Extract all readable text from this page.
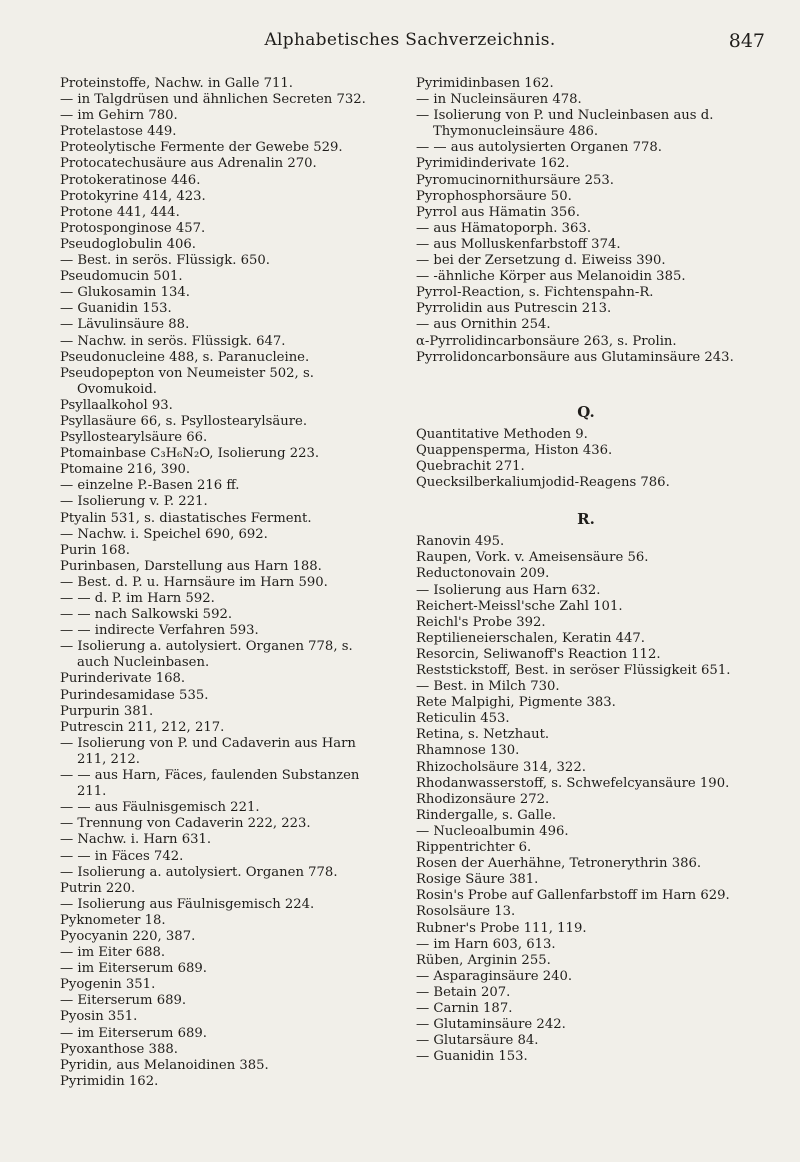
Alphabetisches Sachverzeichnis.	847
Proteinstoffe, Nachw. in Galle 711.
— in Talgdrüsen und ähnlichen Secreten 732.
— im Gehirn 780.
Protelastose 449.
Proteolytische Fermente der Gewebe 529.
Protocatechusäure aus Adrenalin 270.
Protokeratinose 446.
Protokyrine 414, 423.
Protone 441, 444.
Protosponginose 457.
Pseudoglobulin 406.
— Best. in serös. Flüssigk. 650.
Pseudomucin 501.
— Glukosamin 134.
— Guanidin 153.
— Lävulinsäure 88.
— Nachw. in serös. Flüssigk. 647.
Pseudonucleine 488, s. Paranucleine.
Pseudopepton von Neumeister 502, s. Ovomukoid.
Psyllaalkohol 93.
Psyllasäure 66, s. Psyllostearylsäure.
Psyllostearylsäure 66.
Ptomainbase C₃H₆N₂O, Isolierung 223.
Ptomaine 216, 390.
— einzelne P.-Basen 216 ff.
— Isolierung v. P. 221.
Ptyalin 531, s. diastatisches Ferment.
— Nachw. i. Speichel 690, 692.
Purin 168.
Purinbasen, Darstellung aus Harn 188.
— Best. d. P. u. Harnsäure im Harn 590.
— — d. P. im Harn 592.
— — nach Salkowski 592.
— — indirecte Verfahren 593.
— Isolierung a. autolysiert. Organen 778, s. auch Nucleinbasen.
Purinderivate 168.
Purindesamidase 535.
Purpurin 381.
Putrescin 211, 212, 217.
— Isolierung von P. und Cadaverin aus Harn 211, 212.
— — aus Harn, Fäces, faulenden Substanzen 211.
— — aus Fäulnisgemisch 221.
— Trennung von Cadaverin 222, 223.
— Nachw. i. Harn 631.
— — in Fäces 742.
— Isolierung a. autolysiert. Organen 778.
Putrin 220.
— Isolierung aus Fäulnisgemisch 224.
Pyknometer 18.
Pyocyanin 220, 387.
— im Eiter 688.
— im Eiterserum 689.
Pyogenin 351.
— Eiterserum 689.
Pyosin 351.
— im Eiterserum 689.
Pyoxanthose 388.
Pyridin, aus Melanoidinen 385.
Pyrimidin 162.
Pyrimidinbasen 162.
— in Nucleinsäuren 478.
— Isolierung von P. und Nucleinbasen aus d. Thymonucleinsäure 486.
— — aus autolysierten Organen 778.
Pyrimidinderivate 162.
Pyromucinornithursäure 253.
Pyrophosphorsäure 50.
Pyrrol aus Hämatin 356.
— aus Hämatoporph. 363.
— aus Molluskenfarbstoff 374.
— bei der Zersetzung d. Eiweiss 390.
— -ähnliche Körper aus Melanoidin 385.
Pyrrol-Reaction, s. Fichtenspahn-R.
Pyrrolidin aus Putrescin 213.
— aus Ornithin 254.
α-Pyrrolidincarbonsäure 263, s. Prolin.
Pyrrolidoncarbonsäure aus Glutaminsäure 243.
Q.
Quantitative Methoden 9.
Quappensperma, Histon 436.
Quebrachit 271.
Quecksilberkaliumjodid-Reagens 786.
R.
Ranovin 495.
Raupen, Vork. v. Ameisensäure 56.
Reductonovain 209.
— Isolierung aus Harn 632.
Reichert-Meissl'sche Zahl 101.
Reichl's Probe 392.
Reptilieneierschalen, Keratin 447.
Resorcin, Seliwanoff's Reaction 112.
Reststickstoff, Best. in seröser Flüssigkeit 651.
— Best. in Milch 730.
Rete Malpighi, Pigmente 383.
Reticulin 453.
Retina, s. Netzhaut.
Rhamnose 130.
Rhizocholsäure 314, 322.
Rhodanwasserstoff, s. Schwefelcyansäure 190.
Rhodizonsäure 272.
Rindergalle, s. Galle.
— Nucleoalbumin 496.
Rippentrichter 6.
Rosen der Auerhähne, Tetronerythrin 386.
Rosige Säure 381.
Rosin's Probe auf Gallenfarbstoff im Harn 629.
Rosolsäure 13.
Rubner's Probe 111, 119.
— im Harn 603, 613.
Rüben, Arginin 255.
— Asparaginsäure 240.
— Betain 207.
— Carnin 187.
— Glutaminsäure 242.
— Glutarsäure 84.
— Guanidin 153.
